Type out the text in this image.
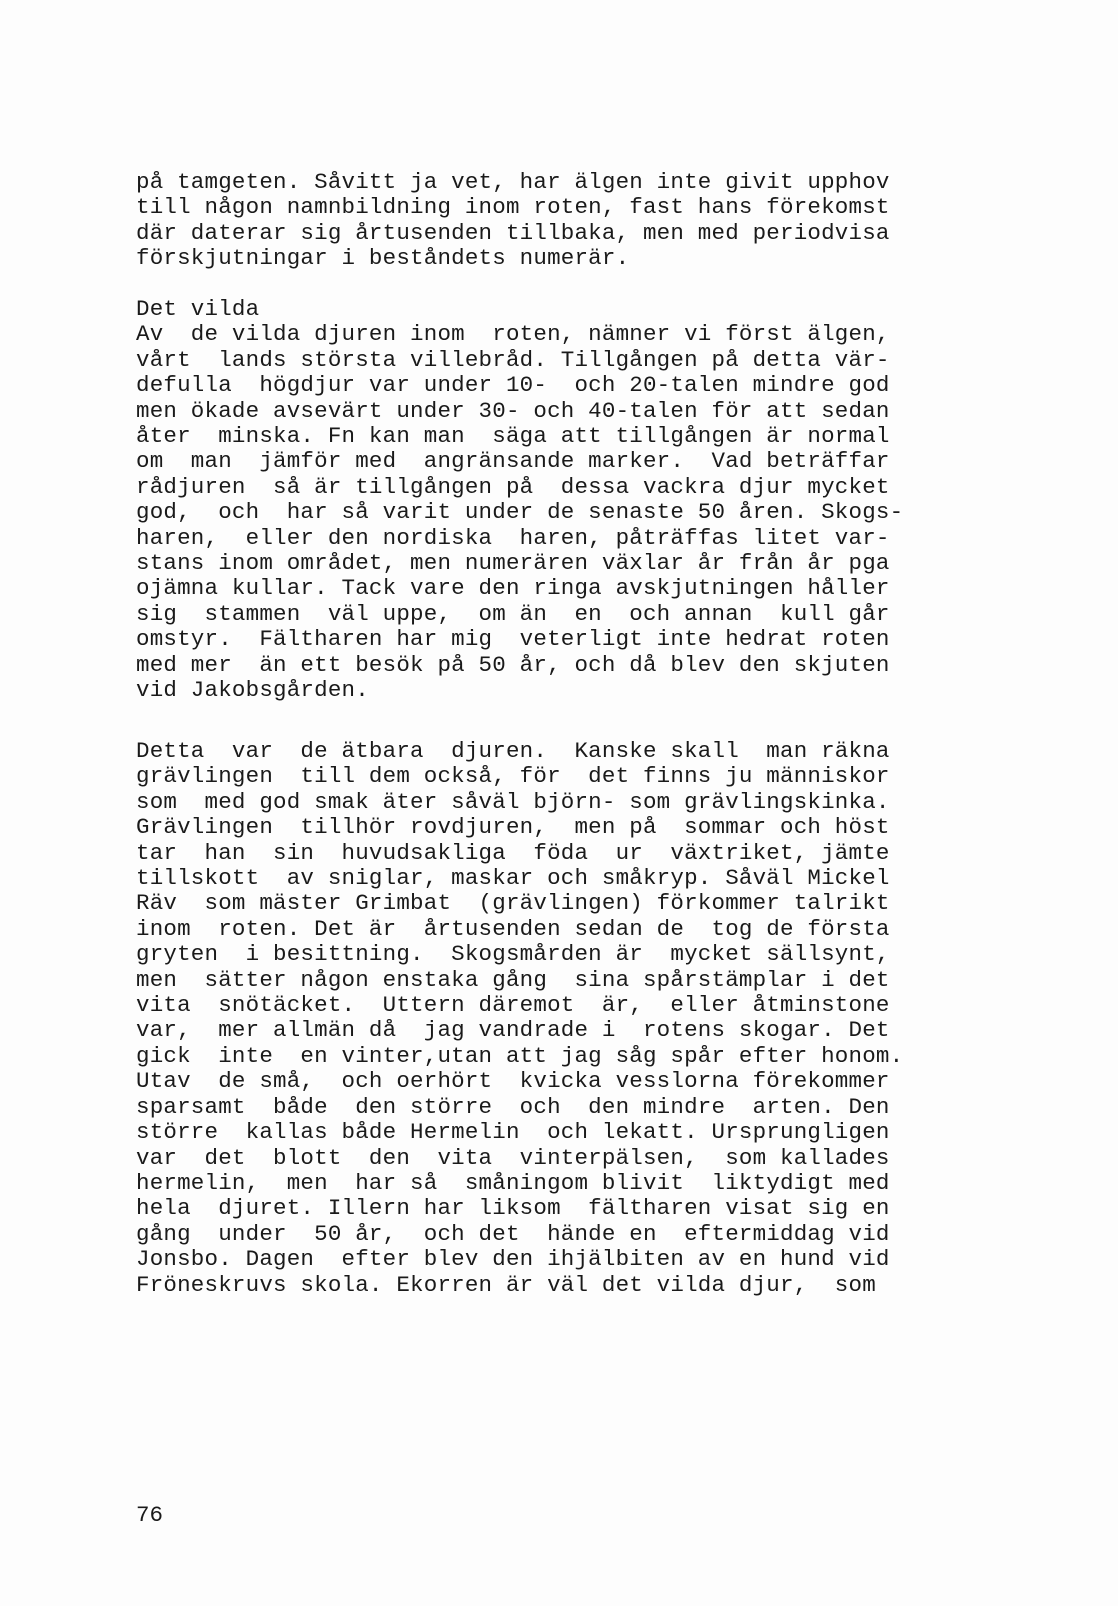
på tamgeten. Såvitt ja vet, har älgen inte givit upphov
till någon namnbildning inom roten, fast hans förekomst
där daterar sig årtusenden tillbaka, men med periodvisa
förskjutningar i beståndets numerär.
Det vilda
Av  de vilda djuren inom  roten, nämner vi först älgen,
vårt  lands största villebråd. Tillgången på detta vär-
defulla  högdjur var under 10-  och 20-talen mindre god
men ökade avsevärt under 30- och 40-talen för att sedan
åter  minska. Fn kan man  säga att tillgången är normal
om  man  jämför med  angränsande marker.  Vad beträffar
rådjuren  så är tillgången på  dessa vackra djur mycket
god,  och  har så varit under de senaste 50 åren. Skogs-
haren,  eller den nordiska  haren, påträffas litet var-
stans inom området, men numerären växlar år från år pga
ojämna kullar. Tack vare den ringa avskjutningen håller
sig  stammen  väl uppe,  om än  en  och annan  kull går
omstyr.  Fältharen har mig  veterligt inte hedrat roten
med mer  än ett besök på 50 år, och då blev den skjuten
vid Jakobsgården.
Detta  var  de ätbara  djuren.  Kanske skall  man räkna
grävlingen  till dem också, för  det finns ju människor
som  med god smak äter såväl björn- som grävlingskinka.
Grävlingen  tillhör rovdjuren,  men på  sommar och höst
tar  han  sin  huvudsakliga  föda  ur  växtriket, jämte
tillskott  av sniglar, maskar och småkryp. Såväl Mickel
Räv  som mäster Grimbat  (grävlingen) förkommer talrikt
inom  roten. Det är  årtusenden sedan de  tog de första
gryten  i besittning.  Skogsmården är  mycket sällsynt,
men  sätter någon enstaka gång  sina spårstämplar i det
vita  snötäcket.  Uttern däremot  är,  eller åtminstone
var,  mer allmän då  jag vandrade i  rotens skogar. Det
gick  inte  en vinter,utan att jag såg spår efter honom.
Utav  de små,  och oerhört  kvicka vesslorna förekommer
sparsamt  både  den större  och  den mindre  arten. Den
större  kallas både Hermelin  och lekatt. Ursprungligen
var  det  blott  den  vita  vinterpälsen,  som kallades
hermelin,  men  har så  småningom blivit  liktydigt med
hela  djuret. Illern har liksom  fältharen visat sig en
gång  under  50 år,  och det  hände en  eftermiddag vid
Jonsbo. Dagen  efter blev den ihjälbiten av en hund vid
Fröneskruvs skola. Ekorren är väl det vilda djur,  som
76
